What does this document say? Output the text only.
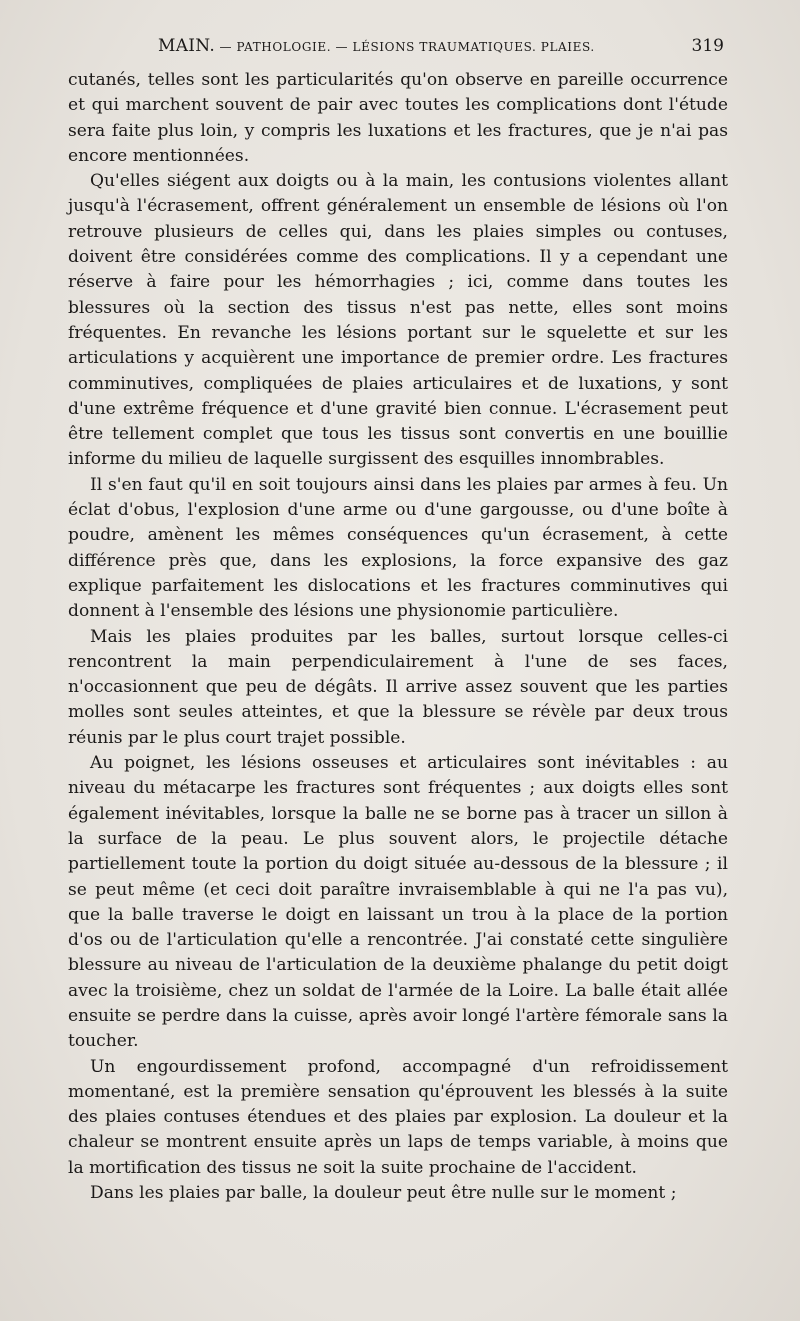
MAIN. — PATHOLOGIE. — LÉSIONS TRAUMATIQUES. PLAIES.	319

cutanés, telles sont les particularités qu'on observe en pareille occurrence et qui marchent souvent de pair avec toutes les complications dont l'étude sera faite plus loin, y compris les luxations et les fractures, que je n'ai pas encore mentionnées.

Qu'elles siégent aux doigts ou à la main, les contusions violentes allant jusqu'à l'écrasement, offrent généralement un ensemble de lésions où l'on retrouve plusieurs de celles qui, dans les plaies simples ou contuses, doivent être considérées comme des complications. Il y a cependant une réserve à faire pour les hémorrhagies ; ici, comme dans toutes les blessures où la section des tissus n'est pas nette, elles sont moins fréquentes. En revanche les lésions portant sur le squelette et sur les articulations y acquièrent une importance de premier ordre. Les fractures comminutives, compliquées de plaies articulaires et de luxations, y sont d'une extrême fréquence et d'une gravité bien connue. L'écrasement peut être tellement complet que tous les tissus sont convertis en une bouillie informe du milieu de laquelle surgissent des esquilles innombrables.

Il s'en faut qu'il en soit toujours ainsi dans les plaies par armes à feu. Un éclat d'obus, l'explosion d'une arme ou d'une gargousse, ou d'une boîte à poudre, amènent les mêmes conséquences qu'un écrasement, à cette différence près que, dans les explosions, la force expansive des gaz explique parfaitement les dislocations et les fractures comminutives qui donnent à l'ensemble des lésions une physionomie particulière.

Mais les plaies produites par les balles, surtout lorsque celles-ci rencontrent la main perpendiculairement à l'une de ses faces, n'occasionnent que peu de dégâts. Il arrive assez souvent que les parties molles sont seules atteintes, et que la blessure se révèle par deux trous réunis par le plus court trajet possible.

Au poignet, les lésions osseuses et articulaires sont inévitables : au niveau du métacarpe les fractures sont fréquentes ; aux doigts elles sont également inévitables, lorsque la balle ne se borne pas à tracer un sillon à la surface de la peau. Le plus souvent alors, le projectile détache partiellement toute la portion du doigt située au-dessous de la blessure ; il se peut même (et ceci doit paraître invraisemblable à qui ne l'a pas vu), que la balle traverse le doigt en laissant un trou à la place de la portion d'os ou de l'articulation qu'elle a rencontrée. J'ai constaté cette singulière blessure au niveau de l'articulation de la deuxième phalange du petit doigt avec la troisième, chez un soldat de l'armée de la Loire. La balle était allée ensuite se perdre dans la cuisse, après avoir longé l'artère fémorale sans la toucher.

Un engourdissement profond, accompagné d'un refroidissement momentané, est la première sensation qu'éprouvent les blessés à la suite des plaies contuses étendues et des plaies par explosion. La douleur et la chaleur se montrent ensuite après un laps de temps variable, à moins que la mortification des tissus ne soit la suite prochaine de l'accident.

Dans les plaies par balle, la douleur peut être nulle sur le moment ;
